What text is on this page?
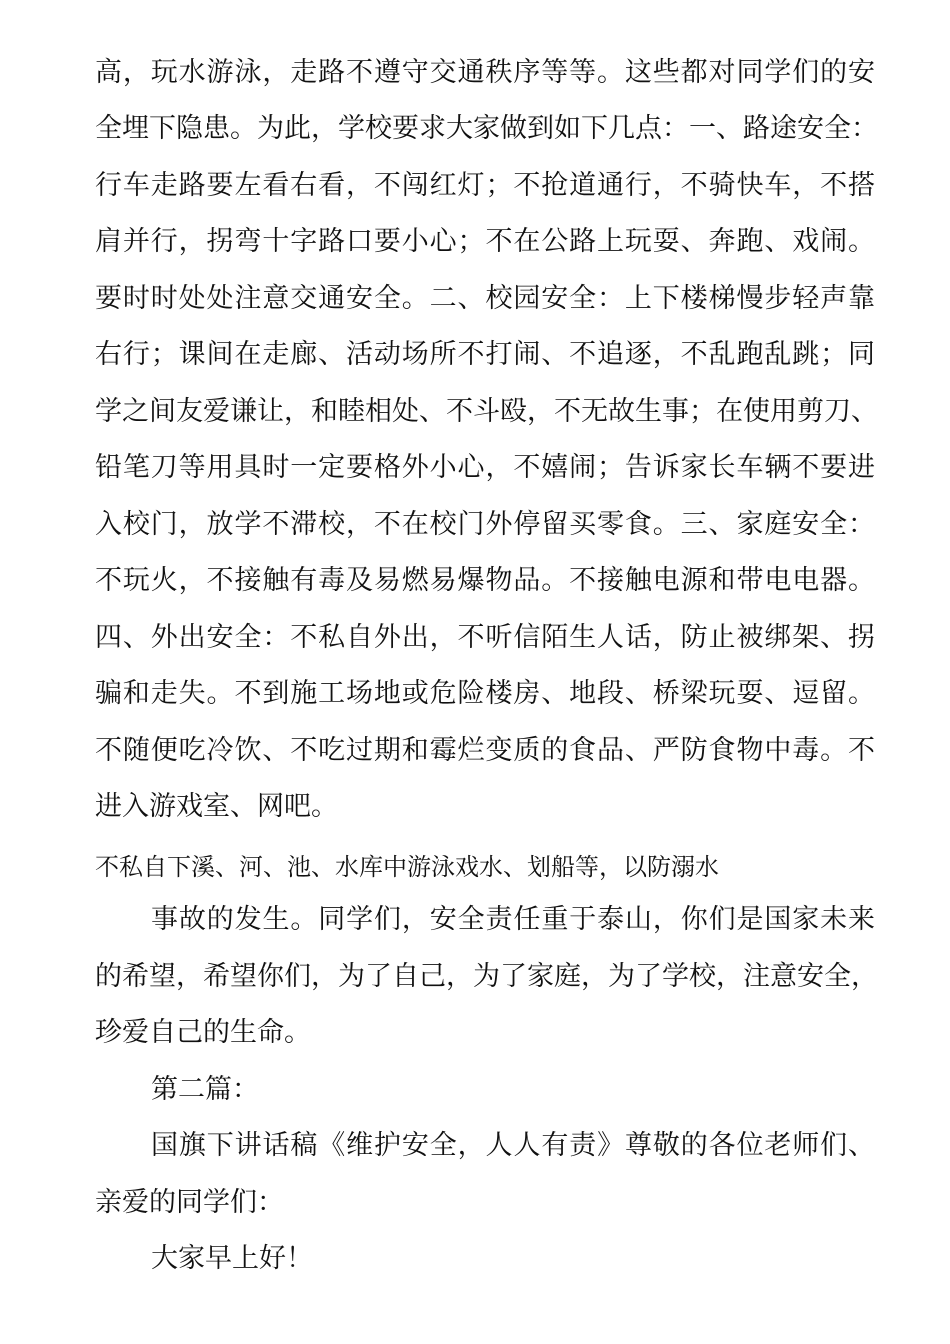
高，玩水游泳，走路不遵守交通秩序等等。这些都对同学们的安
全埋下隐患。为此，学校要求大家做到如下几点：一、路途安全：
行车走路要左看右看，不闯红灯；不抢道通行，不骑快车，不搭
肩并行，拐弯十字路口要小心；不在公路上玩耍、奔跑、戏闹。
要时时处处注意交通安全。二、校园安全：上下楼梯慢步轻声靠
右行；课间在走廊、活动场所不打闹、不追逐，不乱跑乱跳；同
学之间友爱谦让，和睦相处、不斗殴，不无故生事；在使用剪刀、
铅笔刀等用具时一定要格外小心，不嬉闹；告诉家长车辆不要进
入校门，放学不滞校，不在校门外停留买零食。三、家庭安全：
不玩火，不接触有毒及易燃易爆物品。不接触电源和带电电器。
四、外出安全：不私自外出，不听信陌生人话，防止被绑架、拐
骗和走失。不到施工场地或危险楼房、地段、桥梁玩耍、逗留。
不随便吃冷饮、不吃过期和霉烂变质的食品、严防食物中毒。不
进入游戏室、网吧。
不私自下溪、河、池、水库中游泳戏水、划船等，以防溺水
事故的发生。同学们，安全责任重于泰山，你们是国家未来
的希望，希望你们，为了自己，为了家庭，为了学校，注意安全，
珍爱自己的生命。
第二篇：
国旗下讲话稿《维护安全，人人有责》尊敬的各位老师们、
亲爱的同学们：
大家早上好！
